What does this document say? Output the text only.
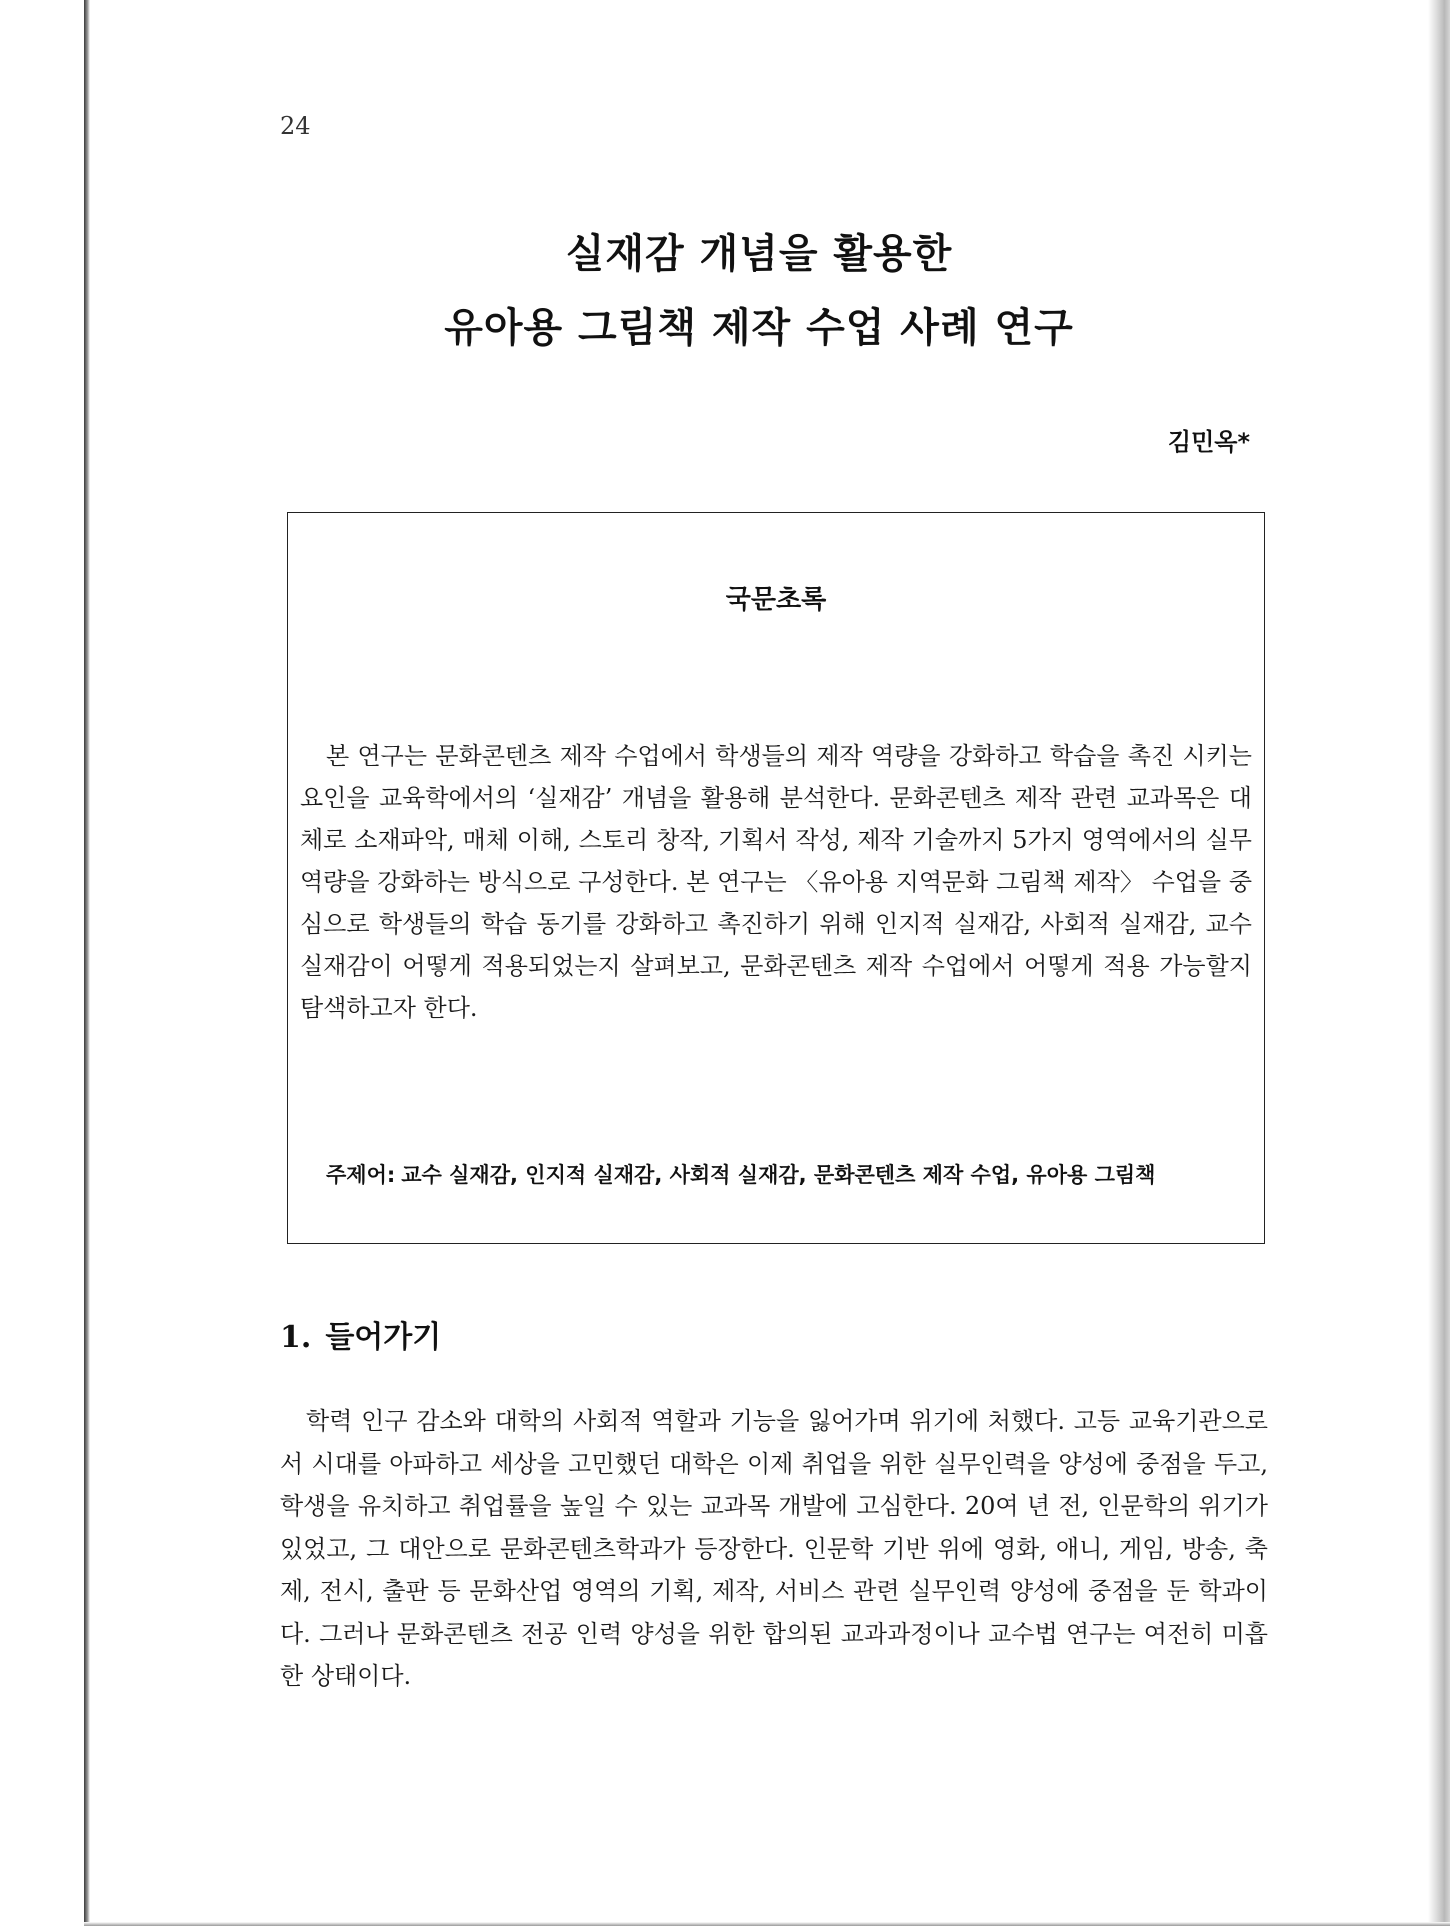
24

실재감 개념을 활용한
유아용 그림책 제작 수업 사례 연구

김민옥*

국문초록

본 연구는 문화콘텐츠 제작 수업에서 학생들의 제작 역량을 강화하고 학습을 촉진 시키는 요인을 교육학에서의 ‘실재감’ 개념을 활용해 분석한다. 문화콘텐츠 제작 관련 교과목은 대체로 소재파악, 매체 이해, 스토리 창작, 기획서 작성, 제작 기술까지 5가지 영역에서의 실무역량을 강화하는 방식으로 구성한다. 본 연구는 〈유아용 지역문화 그림책 제작〉 수업을 중심으로 학생들의 학습 동기를 강화하고 촉진하기 위해 인지적 실재감, 사회적 실재감, 교수 실재감이 어떻게 적용되었는지 살펴보고, 문화콘텐츠 제작 수업에서 어떻게 적용 가능할지 탐색하고자 한다.

주제어: 교수 실재감, 인지적 실재감, 사회적 실재감, 문화콘텐츠 제작 수업, 유아용 그림책

1. 들어가기

학력 인구 감소와 대학의 사회적 역할과 기능을 잃어가며 위기에 처했다. 고등 교육기관으로서 시대를 아파하고 세상을 고민했던 대학은 이제 취업을 위한 실무인력을 양성에 중점을 두고, 학생을 유치하고 취업률을 높일 수 있는 교과목 개발에 고심한다. 20여 년 전, 인문학의 위기가 있었고, 그 대안으로 문화콘텐츠학과가 등장한다. 인문학 기반 위에 영화, 애니, 게임, 방송, 축제, 전시, 출판 등 문화산업 영역의 기획, 제작, 서비스 관련 실무인력 양성에 중점을 둔 학과이다. 그러나 문화콘텐츠 전공 인력 양성을 위한 합의된 교과과정이나 교수법 연구는 여전히 미흡한 상태이다.
